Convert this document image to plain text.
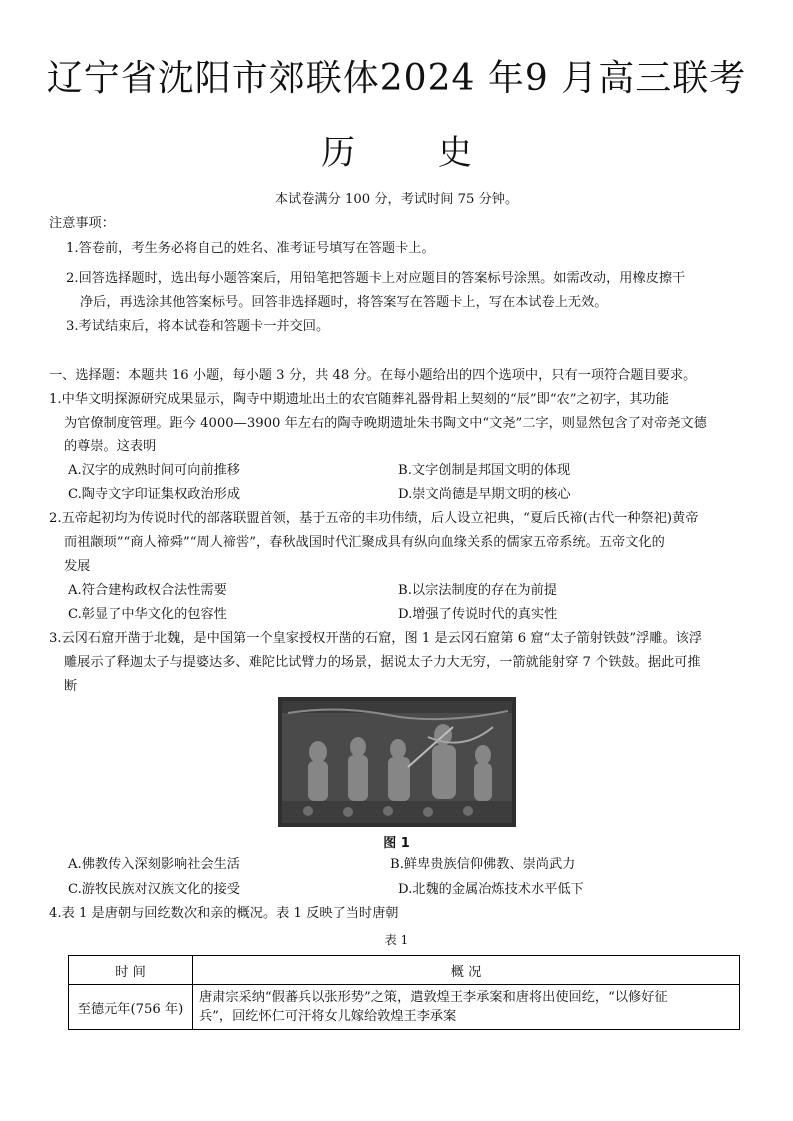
辽宁省沈阳市郊联体2024 年9 月高三联考
历 史
本试卷满分 100 分，考试时间 75 分钟。
注意事项：
1.答卷前，考生务必将自己的姓名、准考证号填写在答题卡上。
2.回答选择题时，选出每小题答案后，用铅笔把答题卡上对应题目的答案标号涂黑。如需改动，用橡皮擦干
净后，再选涂其他答案标号。回答非选择题时，将答案写在答题卡上，写在本试卷上无效。
3.考试结束后，将本试卷和答题卡一并交回。
一、选择题：本题共 16 小题，每小题 3 分，共 48 分。在每小题给出的四个选项中，只有一项符合题目要求。
1.中华文明探源研究成果显示，陶寺中期遗址出土的农官随葬礼器骨耜上契刻的“辰”即“农”之初字，其功能
为官僚制度管理。距今 4000—3900 年左右的陶寺晚期遗址朱书陶文中“文尧”二字，则显然包含了对帝尧文德
的尊崇。这表明
A.汉字的成熟时间可向前推移	B.文字创制是邦国文明的体现
C.陶寺文字印证集权政治形成	D.崇文尚德是早期文明的核心
2.五帝起初均为传说时代的部落联盟首领，基于五帝的丰功伟绩，后人设立祀典，“夏后氏禘(古代一种祭祀)黄帝
而祖颛顼”“商人禘舜”“周人禘喾”，春秋战国时代汇聚成具有纵向血缘关系的儒家五帝系统。五帝文化的
发展
A.符合建构政权合法性需要	B.以宗法制度的存在为前提
C.彰显了中华文化的包容性	D.增强了传说时代的真实性
3.云冈石窟开凿于北魏，是中国第一个皇家授权开凿的石窟，图 1 是云冈石窟第 6 窟“太子箭射铁鼓”浮雕。该浮
雕展示了释迦太子与提婆达多、难陀比试臂力的场景，据说太子力大无穷，一箭就能射穿 7 个铁鼓。据此可推
断
图 1
A.佛教传入深刻影响社会生活	B.鲜卑贵族信仰佛教、崇尚武力
C.游牧民族对汉族文化的接受	D.北魏的金属冶炼技术水平低下
4.表 1 是唐朝与回纥数次和亲的概况。表 1 反映了当时唐朝
表 1
时 间	概 况
至德元年(756 年)	唐肃宗采纳“假蕃兵以张形势”之策，遣敦煌王李承案和唐将出使回纥，“以修好征
兵”，回纥怀仁可汗将女儿嫁给敦煌王李承案
